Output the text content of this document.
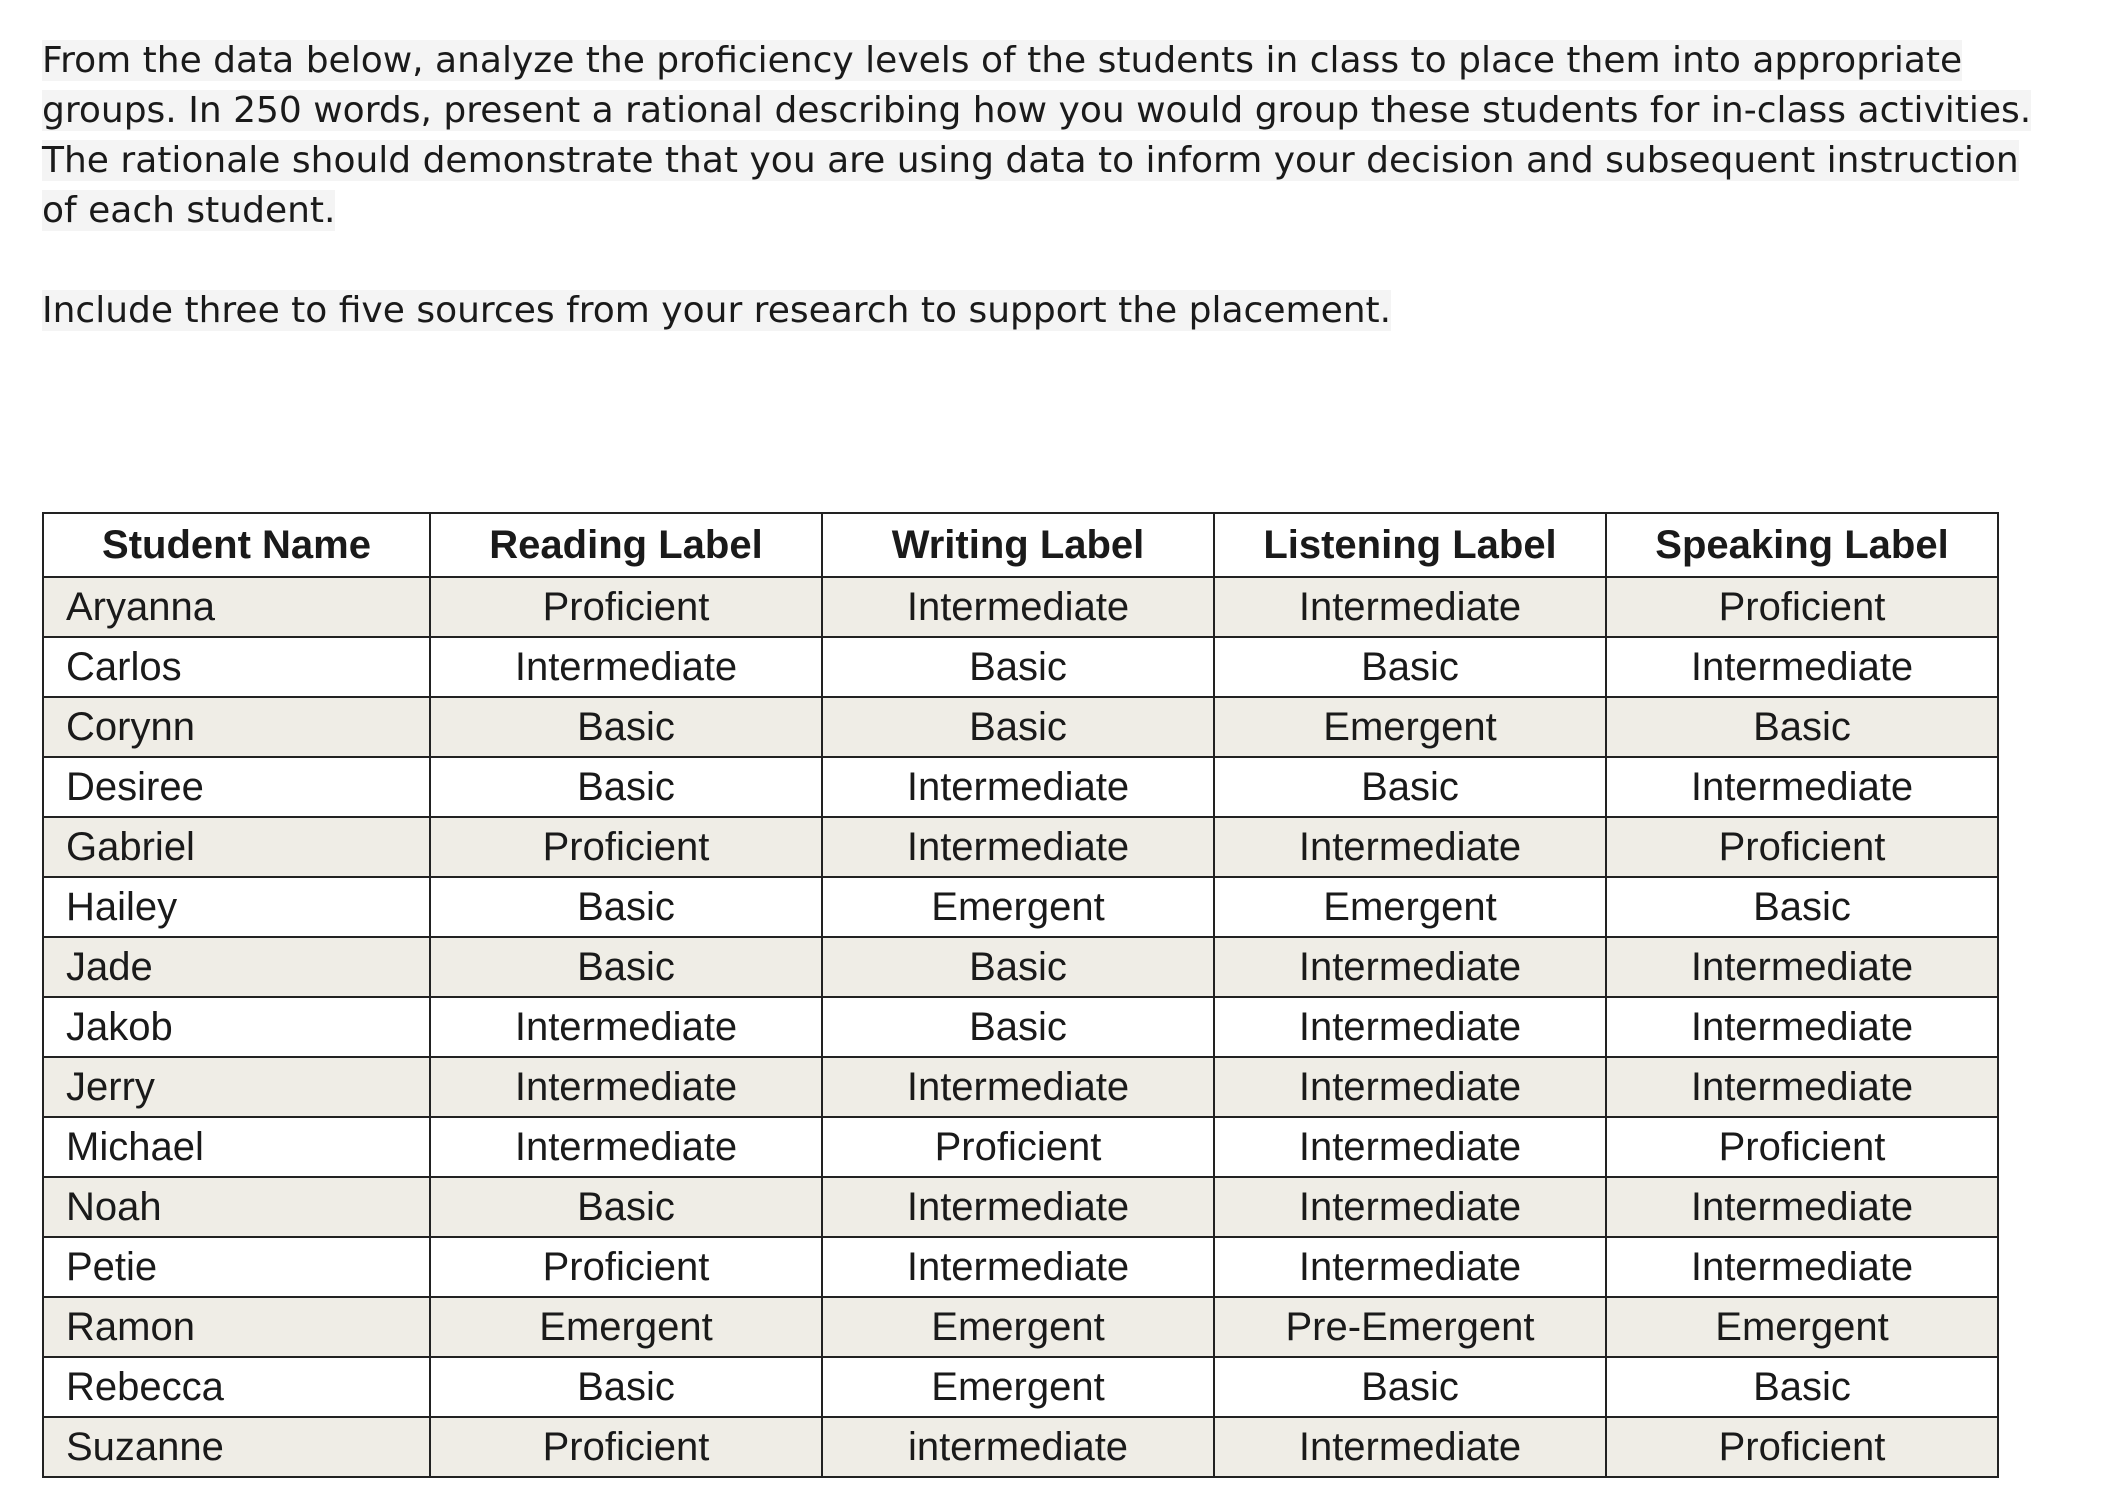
From the data below, analyze the proficiency levels of the students in class to place them into appropriate groups. In 250 words, present a rational describing how you would group these students for in-class activities. The rationale should demonstrate that you are using data to inform your decision and subsequent instruction of each student.

Include three to five sources from your research to support the placement.

Student Name	Reading Label	Writing Label	Listening Label	Speaking Label
Aryanna	Proficient	Intermediate	Intermediate	Proficient
Carlos	Intermediate	Basic	Basic	Intermediate
Corynn	Basic	Basic	Emergent	Basic
Desiree	Basic	Intermediate	Basic	Intermediate
Gabriel	Proficient	Intermediate	Intermediate	Proficient
Hailey	Basic	Emergent	Emergent	Basic
Jade	Basic	Basic	Intermediate	Intermediate
Jakob	Intermediate	Basic	Intermediate	Intermediate
Jerry	Intermediate	Intermediate	Intermediate	Intermediate
Michael	Intermediate	Proficient	Intermediate	Proficient
Noah	Basic	Intermediate	Intermediate	Intermediate
Petie	Proficient	Intermediate	Intermediate	Intermediate
Ramon	Emergent	Emergent	Pre-Emergent	Emergent
Rebecca	Basic	Emergent	Basic	Basic
Suzanne	Proficient	intermediate	Intermediate	Proficient
